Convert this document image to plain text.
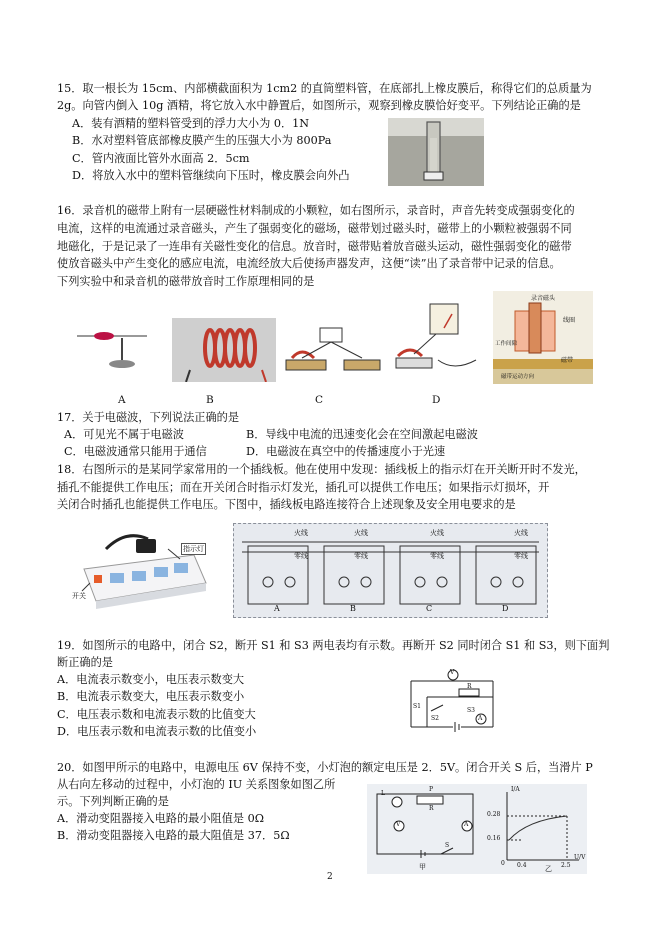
15．取一根长为 15cm、内部横截面积为 1cm2 的直筒塑料管，在底部扎上橡皮膜后，称得它们的总质量为
2g。向管内倒入 10g 酒精，将它放入水中静置后，如图所示，观察到橡皮膜恰好变平。下列结论正确的是
A．装有酒精的塑料管受到的浮力大小为 0．1N
B．水对塑料管底部橡皮膜产生的压强大小为 800Pa
C．管内液面比管外水面高 2．5cm
D．将放入水中的塑料管继续向下压时，橡皮膜会向外凸
16．录音机的磁带上附有一层硬磁性材料制成的小颗粒，如右图所示，录音时，声音先转变成强弱变化的
电流，这样的电流通过录音磁头，产生了强弱变化的磁场，磁带划过磁头时，磁带上的小颗粒被强弱不同
地磁化，于是记录了一连串有关磁性变化的信息。放音时，磁带贴着放音磁头运动，磁性强弱变化的磁带
使放音磁头中产生变化的感应电流，电流经放大后使扬声器发声，这便“读”出了录音带中记录的信息。
下列实验中和录音机的磁带放音时工作原理相同的是
录音磁头
线圈
工作间隙
磁带
磁带运动方向
A	B	C	D
17．关于电磁波，下列说法正确的是
A．可见光不属于电磁波	B．导线中电流的迅速变化会在空间激起电磁波
C．电磁波通常只能用于通信	D．电磁波在真空中的传播速度小于光速
18．右图所示的是某同学家常用的一个插线板。他在使用中发现：插线板上的指示灯在开关断开时不发光，
插孔不能提供工作电压；而在开关闭合时指示灯发光，插孔可以提供工作电压；如果指示灯损坏，开
关闭合时插孔也能提供工作电压。下图中，插线板电路连接符合上述现象及安全用电要求的是
指示灯
开关
火线	火线	火线	火线
零线	零线	零线	零线
A	B	C	D
19．如图所示的电路中，闭合 S2，断开 S1 和 S3 两电表均有示数。再断开 S2 同时闭合 S1 和 S3，则下面判
断正确的是
A．电流表示数变小，电压表示数变大
B．电流表示数变大，电压表示数变小
C．电压表示数和电流表示数的比值变大
D．电压表示数和电流表示数的比值变小
V
R
S1
S2
S3
A
20．如图甲所示的电路中，电源电压 6V 保持不变，小灯泡的额定电压是 2．5V。闭合开关 S 后，当滑片 P
从右向左移动的过程中，小灯泡的 IU 关系图象如图乙所
示。下列判断正确的是
A．滑动变阻器接入电路的最小阻值是 0Ω
B．滑动变阻器接入电路的最大阻值是 37．5Ω
L
P
R
V	A
S
I/A
0.28
0.16
0 0.4	2.5
U/V
甲	乙
2
